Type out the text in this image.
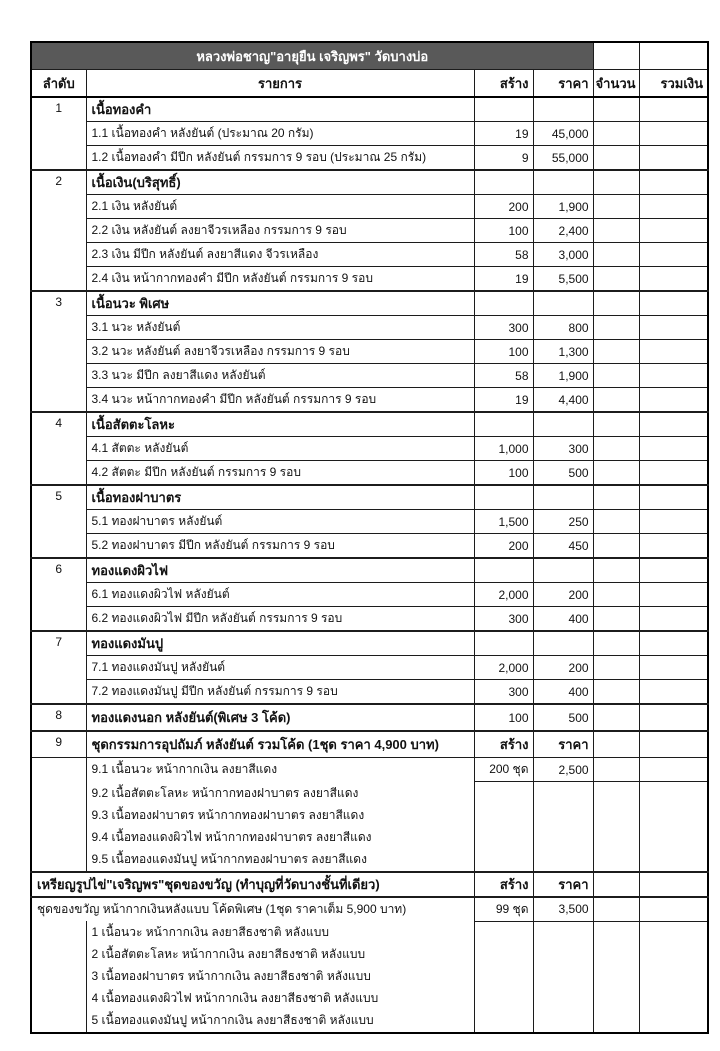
หลวงพ่อชาญ"อายุยืน เจริญพร" วัดบางบ่อ					
ลำดับ	รายการ	สร้าง	ราคา	จำนวน	รวมเงิน
1	เนื้อทองคำ				
	1.1 เนื้อทองคำ หลังยันต์ (ประมาณ 20 กรัม)	19	45,000		
	1.2 เนื้อทองคำ มีปีก หลังยันต์ กรรมการ 9 รอบ (ประมาณ 25 กรัม)	9	55,000		
2	เนื้อเงิน(บริสุทธิ์)				
	2.1 เงิน หลังยันต์	200	1,900		
	2.2 เงิน หลังยันต์ ลงยาจีวรเหลือง กรรมการ 9 รอบ	100	2,400		
	2.3 เงิน มีปีก หลังยันต์ ลงยาสีแดง จีวรเหลือง	58	3,000		
	2.4 เงิน หน้ากากทองคำ มีปีก หลังยันต์ กรรมการ 9 รอบ	19	5,500		
3	เนื้อนวะ พิเศษ				
	3.1 นวะ หลังยันต์	300	800		
	3.2 นวะ หลังยันต์ ลงยาจีวรเหลือง กรรมการ 9 รอบ	100	1,300		
	3.3 นวะ มีปีก ลงยาสีแดง หลังยันต์	58	1,900		
	3.4 นวะ หน้ากากทองคำ มีปีก หลังยันต์ กรรมการ 9 รอบ	19	4,400		
4	เนื้อสัตตะโลหะ				
	4.1 สัตตะ หลังยันต์	1,000	300		
	4.2 สัตตะ มีปีก หลังยันต์ กรรมการ 9 รอบ	100	500		
5	เนื้อทองฝาบาตร				
	5.1 ทองฝาบาตร หลังยันต์	1,500	250		
	5.2 ทองฝาบาตร มีปีก หลังยันต์ กรรมการ 9 รอบ	200	450		
6	ทองแดงผิวไฟ				
	6.1 ทองแดงผิวไฟ หลังยันต์	2,000	200		
	6.2 ทองแดงผิวไฟ มีปีก หลังยันต์ กรรมการ 9 รอบ	300	400		
7	ทองแดงมันปู				
	7.1 ทองแดงมันปู หลังยันต์	2,000	200		
	7.2 ทองแดงมันปู มีปีก หลังยันต์ กรรมการ 9 รอบ	300	400		
8	ทองแดงนอก หลังยันต์(พิเศษ 3 โค้ด)	100	500		
9	ชุดกรรมการอุปถัมภ์ หลังยันต์ รวมโค้ด (1ชุด ราคา 4,900 บาท)	สร้าง	ราคา		
	9.1 เนื้อนวะ หน้ากากเงิน ลงยาสีแดง	200 ชุด	2,500		

	9.2 เนื้อสัตตะโลหะ หน้ากากทองฝาบาตร ลงยาสีแดง
9.3 เนื้อทองฝาบาตร หน้ากากทองฝาบาตร ลงยาสีแดง
9.4 เนื้อทองแดงผิวไฟ หน้ากากทองฝาบาตร ลงยาสีแดง
9.5 เนื้อทองแดงมันปู หน้ากากทองฝาบาตร ลงยาสีแดง				

เหรียญรูปไข่"เจริญพร"ชุดของขวัญ (ทำบุญที่วัดบางชั้นที่เดียว)		สร้าง	ราคา		
ชุดของขวัญ หน้ากากเงินหลังแบบ โค้ดพิเศษ (1ชุด ราคาเต็ม 5,900 บาท)		99 ชุด	3,500		

	1 เนื้อนวะ หน้ากากเงิน ลงยาสีธงชาติ หลังแบบ
2 เนื้อสัตตะโลหะ หน้ากากเงิน ลงยาสีธงชาติ หลังแบบ
3 เนื้อทองฝาบาตร หน้ากากเงิน ลงยาสีธงชาติ หลังแบบ
4 เนื้อทองแดงผิวไฟ หน้ากากเงิน ลงยาสีธงชาติ หลังแบบ
5 เนื้อทองแดงมันปู หน้ากากเงิน ลงยาสีธงชาติ หลังแบบ				
